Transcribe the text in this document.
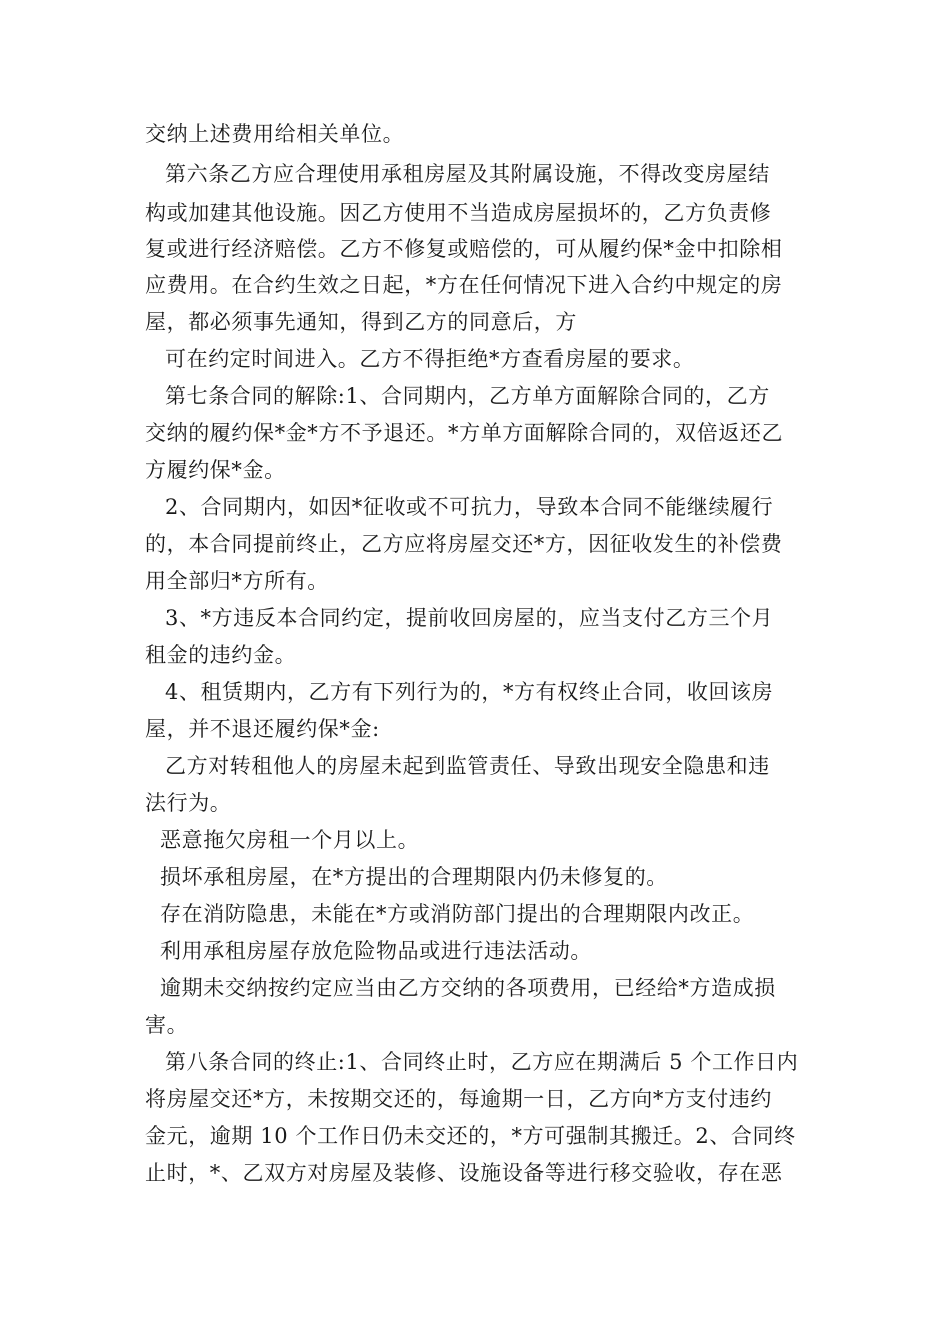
交纳上述费用给相关单位。
第六条乙方应合理使用承租房屋及其附属设施，不得改变房屋结
构或加建其他设施。因乙方使用不当造成房屋损坏的，乙方负责修
复或进行经济赔偿。乙方不修复或赔偿的，可从履约保*金中扣除相
应费用。在合约生效之日起，*方在任何情况下进入合约中规定的房
屋，都必须事先通知，得到乙方的同意后，方
可在约定时间进入。乙方不得拒绝*方查看房屋的要求。
第七条合同的解除:1、合同期内，乙方单方面解除合同的，乙方
交纳的履约保*金*方不予退还。*方单方面解除合同的，双倍返还乙
方履约保*金。
2、合同期内，如因*征收或不可抗力，导致本合同不能继续履行
的，本合同提前终止，乙方应将房屋交还*方，因征收发生的补偿费
用全部归*方所有。
3、*方违反本合同约定，提前收回房屋的，应当支付乙方三个月
租金的违约金。
4、租赁期内，乙方有下列行为的，*方有权终止合同，收回该房
屋，并不退还履约保*金:
乙方对转租他人的房屋未起到监管责任、导致出现安全隐患和违
法行为。
恶意拖欠房租一个月以上。
损坏承租房屋，在*方提出的合理期限内仍未修复的。
存在消防隐患，未能在*方或消防部门提出的合理期限内改正。
利用承租房屋存放危险物品或进行违法活动。
逾期未交纳按约定应当由乙方交纳的各项费用，已经给*方造成损
害。
第八条合同的终止:1、合同终止时，乙方应在期满后 5 个工作日内
将房屋交还*方，未按期交还的，每逾期一日，乙方向*方支付违约
金元，逾期 10 个工作日仍未交还的，*方可强制其搬迁。2、合同终
止时，*、乙双方对房屋及装修、设施设备等进行移交验收，存在恶
